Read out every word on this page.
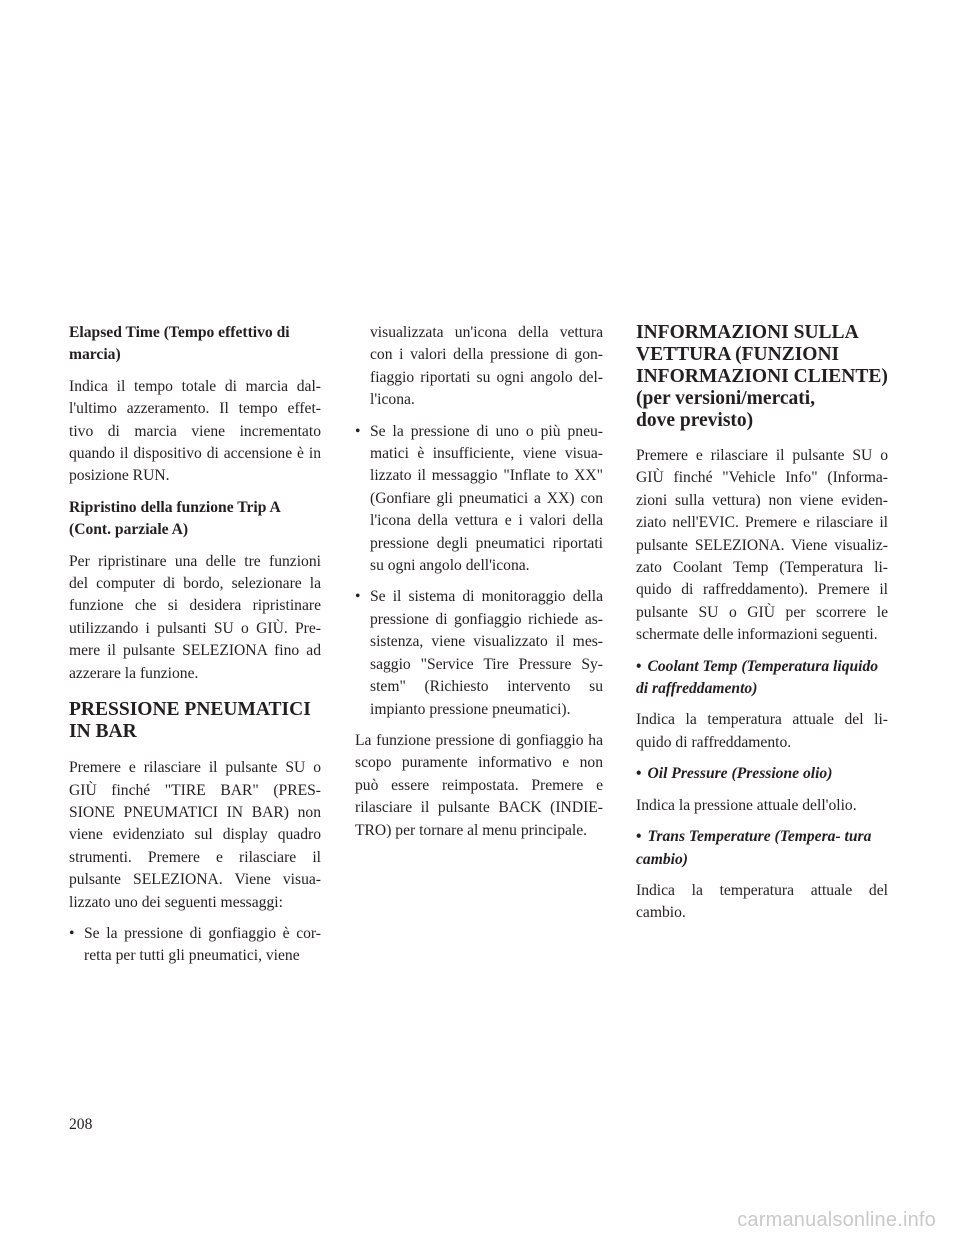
Elapsed Time (Tempo effettivo di marcia)

Indica il tempo totale di marcia dal- l'ultimo azzeramento. Il tempo effet- tivo di marcia viene incrementato quando il dispositivo di accensione è in posizione RUN.

Ripristino della funzione Trip A (Cont. parziale A)

Per ripristinare una delle tre funzioni del computer di bordo, selezionare la funzione che si desidera ripristinare utilizzando i pulsanti SU o GIÙ. Pre- mere il pulsante SELEZIONA fino ad azzerare la funzione.

PRESSIONE PNEUMATICI
IN BAR

Premere e rilasciare il pulsante SU o GIÙ finché "TIRE BAR" (PRES- SIONE PNEUMATICI IN BAR) non viene evidenziato sul display quadro strumenti. Premere e rilasciare il pulsante SELEZIONA. Viene visua- lizzato uno dei seguenti messaggi:

• Se la pressione di gonfiaggio è cor- retta per tutti gli pneumatici, viene

visualizzata un'icona della vettura con i valori della pressione di gon- fiaggio riportati su ogni angolo del- l'icona.

• Se la pressione di uno o più pneu- matici è insufficiente, viene visua- lizzato il messaggio "Inflate to XX" (Gonfiare gli pneumatici a XX) con l'icona della vettura e i valori della pressione degli pneumatici riportati su ogni angolo dell'icona.
• Se il sistema di monitoraggio della pressione di gonfiaggio richiede as- sistenza, viene visualizzato il mes- saggio "Service Tire Pressure Sy- stem" (Richiesto intervento su impianto pressione pneumatici).

La funzione pressione di gonfiaggio ha scopo puramente informativo e non può essere reimpostata. Premere e rilasciare il pulsante BACK (INDIE- TRO) per tornare al menu principale.

INFORMAZIONI SULLA
VETTURA (FUNZIONI
INFORMAZIONI CLIENTE)
(per versioni/mercati,
dove previsto)

Premere e rilasciare il pulsante SU o GIÙ finché "Vehicle Info" (Informa- zioni sulla vettura) non viene eviden- ziato nell'EVIC. Premere e rilasciare il pulsante SELEZIONA. Viene visualiz- zato Coolant Temp (Temperatura li- quido di raffreddamento). Premere il pulsante SU o GIÙ per scorrere le schermate delle informazioni seguenti.

• Coolant Temp (Temperatura liquido di raffreddamento)

Indica la temperatura attuale del li- quido di raffreddamento.

• Oil Pressure (Pressione olio)

Indica la pressione attuale dell'olio.

• Trans Temperature (Tempera- tura cambio)

Indica la temperatura attuale del cambio.

208
carmanualsonline.info
